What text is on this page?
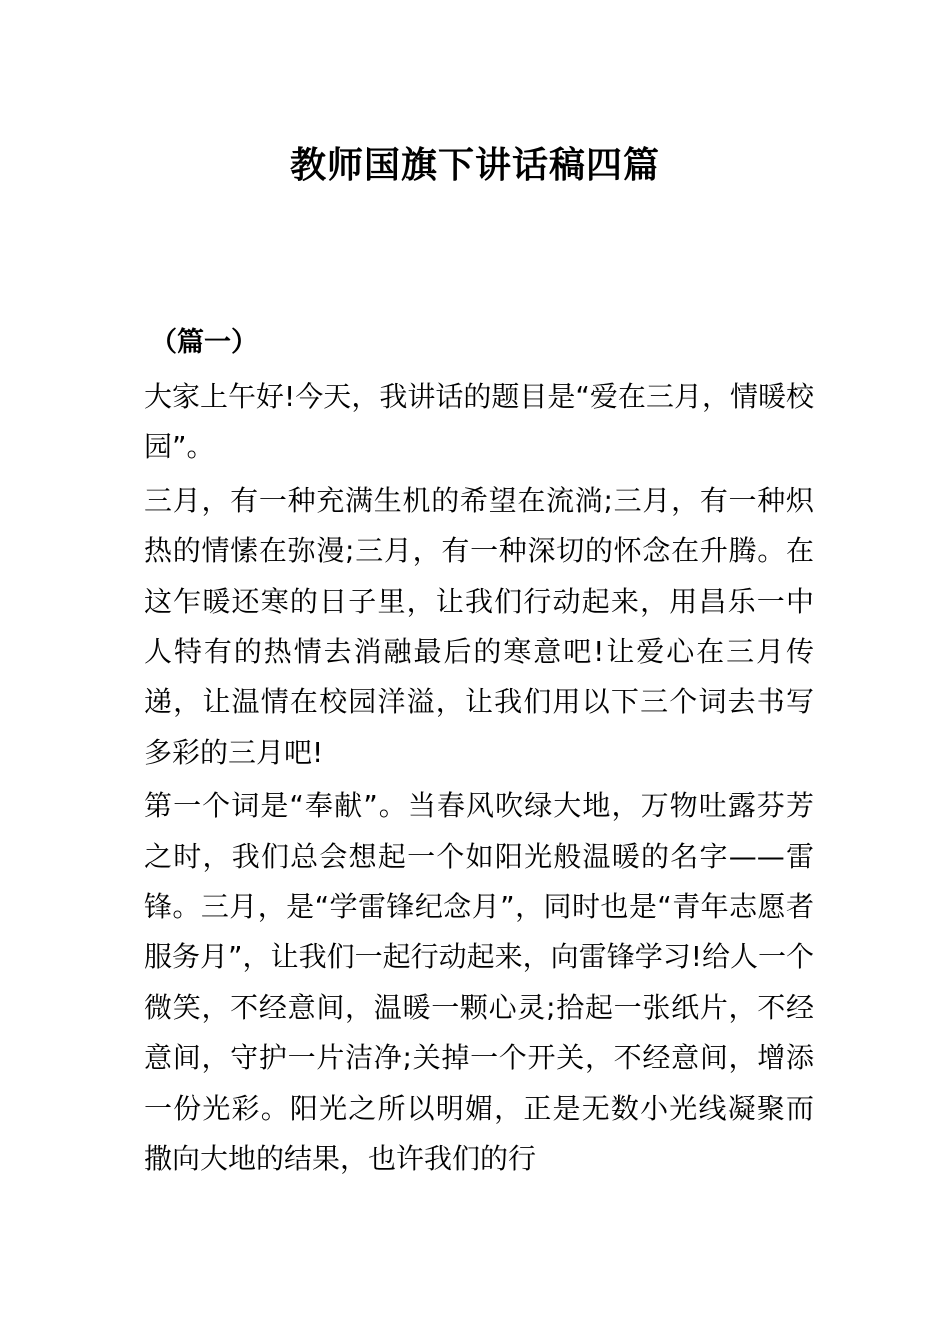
教师国旗下讲话稿四篇
（篇一）

大家上午好!今天，我讲话的题目是“爱在三月，情暖校园”。

三月，有一种充满生机的希望在流淌;三月，有一种炽热的情愫在弥漫;三月，有一种深切的怀念在升腾。在这乍暖还寒的日子里，让我们行动起来，用昌乐一中人特有的热情去消融最后的寒意吧!让爱心在三月传递，让温情在校园洋溢，让我们用以下三个词去书写多彩的三月吧!

第一个词是“奉献”。当春风吹绿大地，万物吐露芬芳之时，我们总会想起一个如阳光般温暖的名字——雷锋。三月，是“学雷锋纪念月”，同时也是“青年志愿者服务月”，让我们一起行动起来，向雷锋学习!给人一个微笑，不经意间，温暖一颗心灵;拾起一张纸片，不经意间，守护一片洁净;关掉一个开关，不经意间，增添一份光彩。阳光之所以明媚，正是无数小光线凝聚而撒向大地的结果，也许我们的行
